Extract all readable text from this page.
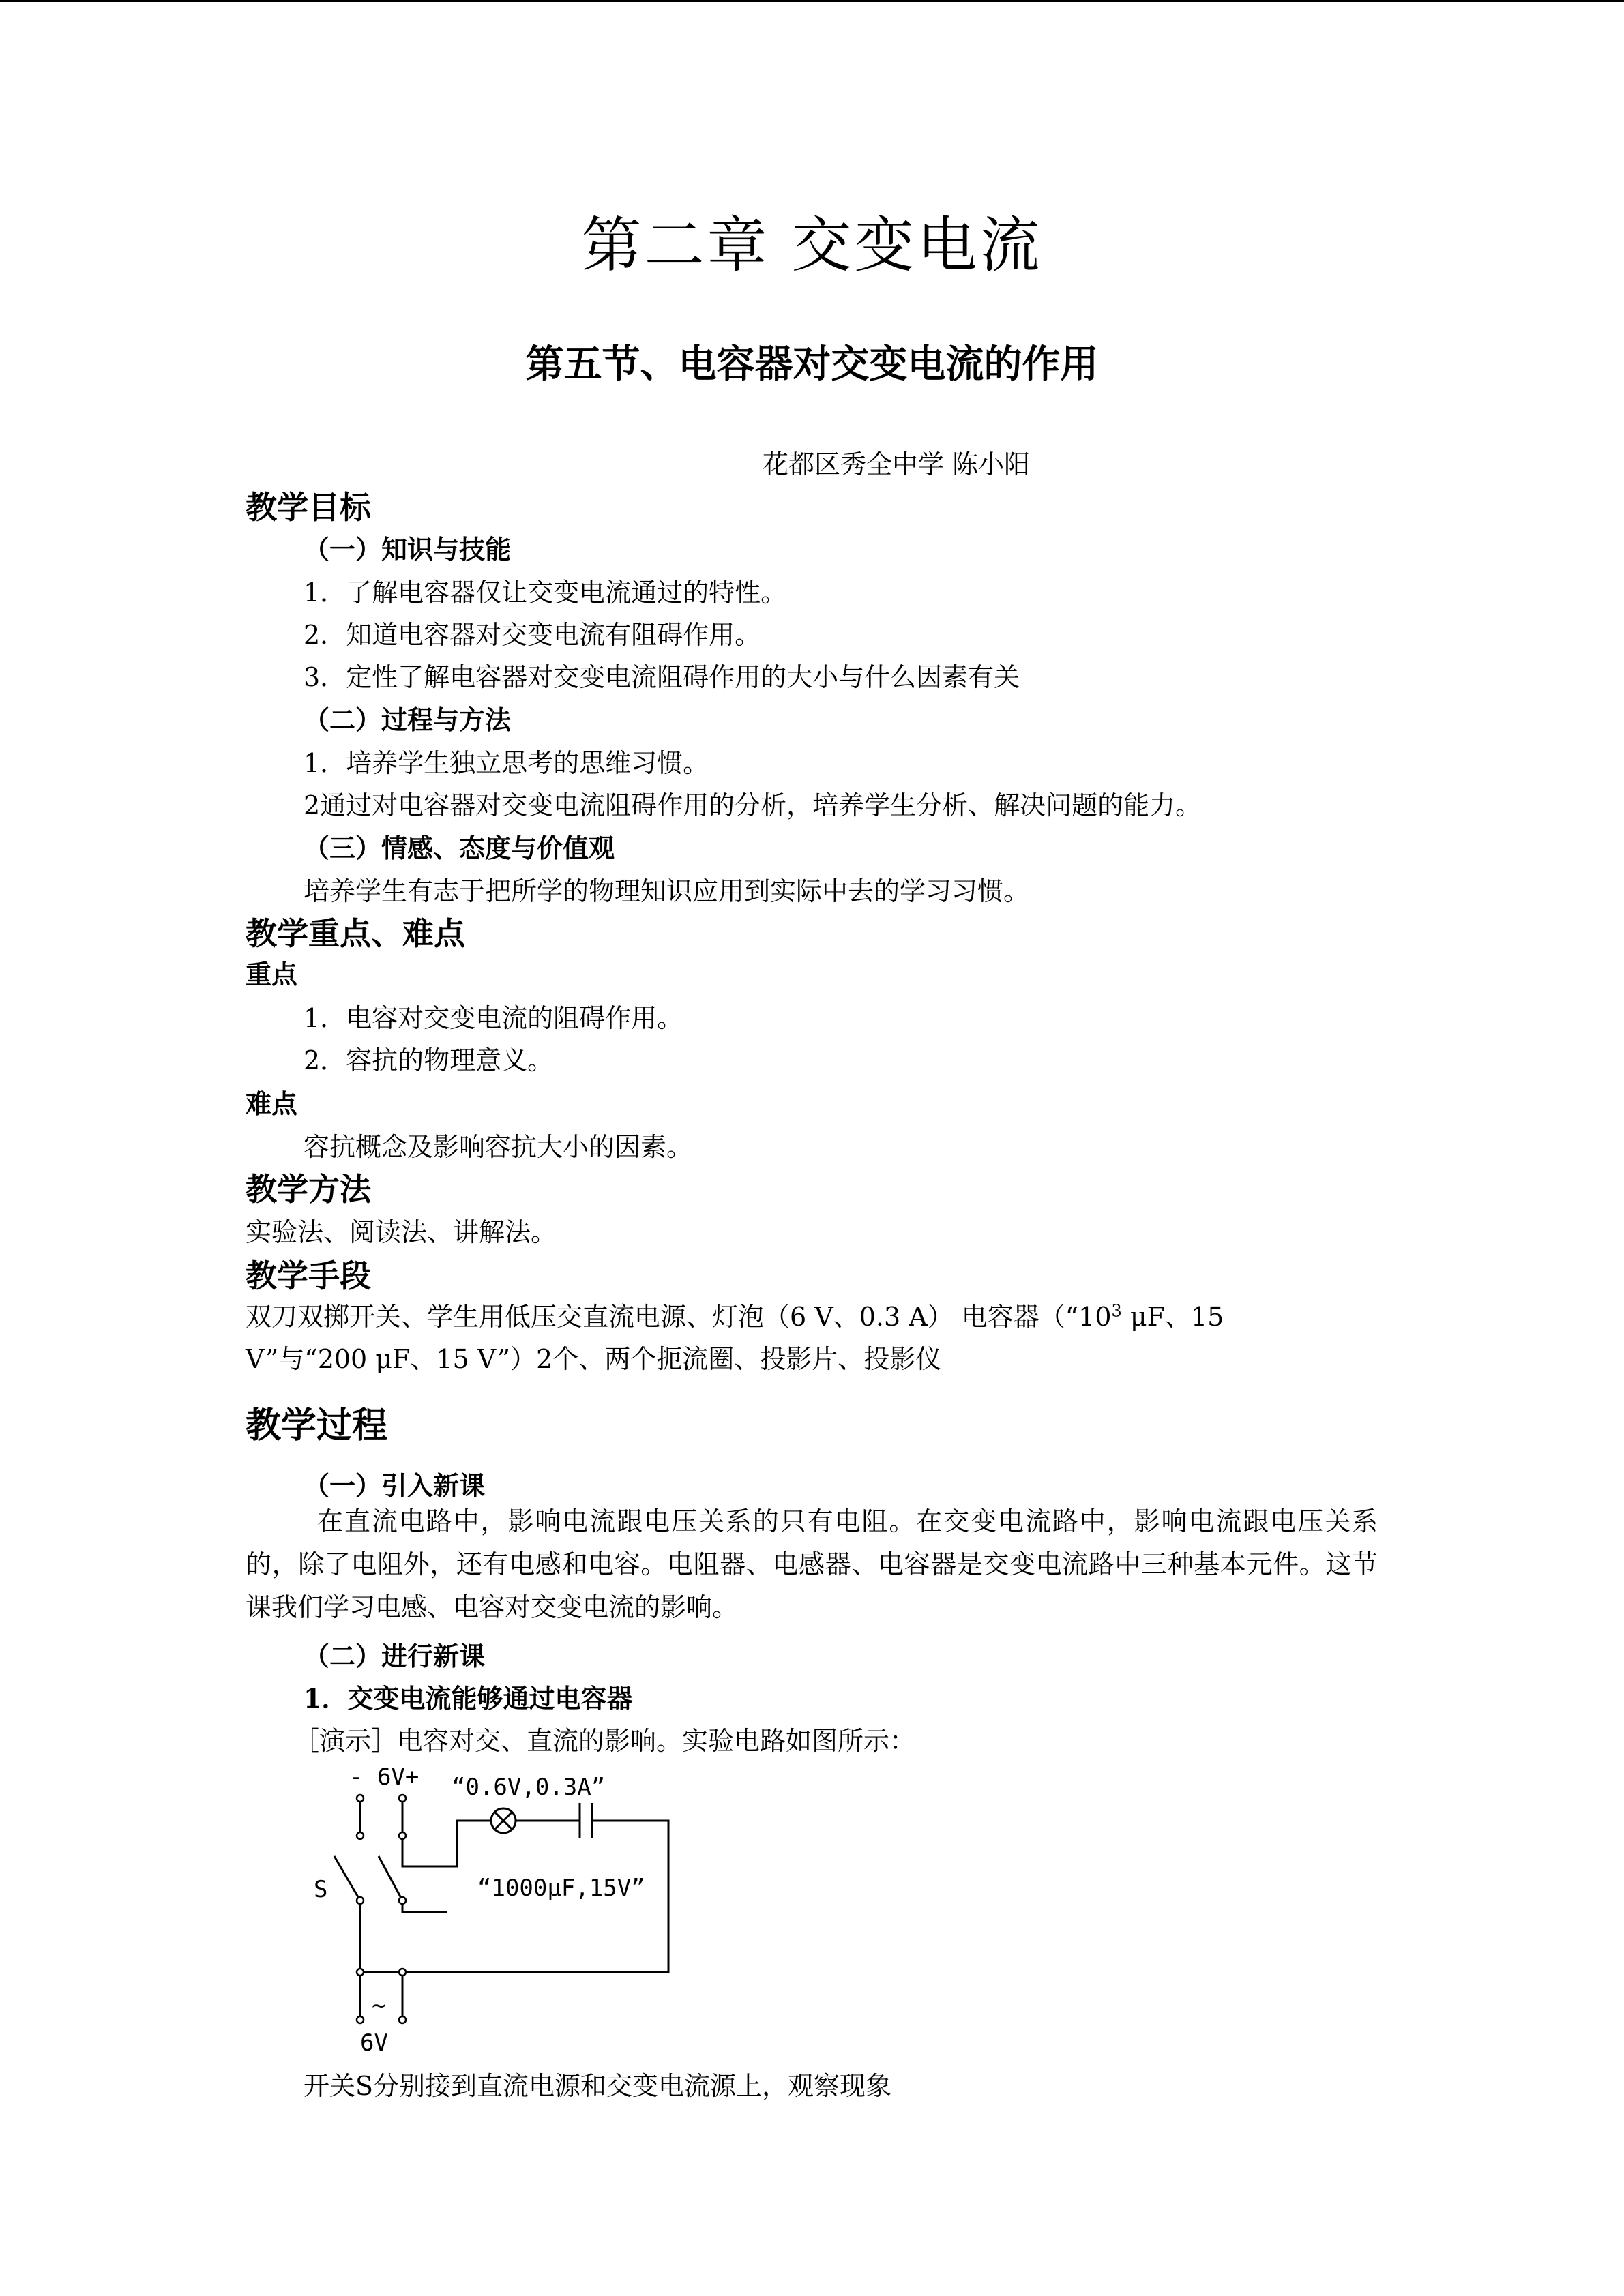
第二章 交变电流
第五节、电容器对交变电流的作用
花都区秀全中学 陈小阳
教学目标
（一）知识与技能
1．了解电容器仅让交变电流通过的特性。
2．知道电容器对交变电流有阻碍作用。
3．定性了解电容器对交变电流阻碍作用的大小与什么因素有关
（二）过程与方法
1．培养学生独立思考的思维习惯。
2通过对电容器对交变电流阻碍作用的分析，培养学生分析、解决问题的能力。
（三）情感、态度与价值观
培养学生有志于把所学的物理知识应用到实际中去的学习习惯。
教学重点、难点
重点
1．电容对交变电流的阻碍作用。
2．容抗的物理意义。
难点
容抗概念及影响容抗大小的因素。
教学方法
实验法、阅读法、讲解法。
教学手段
双刀双掷开关、学生用低压交直流电源、灯泡（6 V、0.3 A） 电容器（“$10^3$ μF、15
V”与“200 μF、15 V”）2个、两个扼流圈、投影片、投影仪
教学过程
（一）引入新课
在直流电路中，影响电流跟电压关系的只有电阻。在交变电流路中，影响电流跟电压关系的，除了电阻外，还有电感和电容。电阻器、电感器、电容器是交变电流路中三种基本元件。这节课我们学习电感、电容对交变电流的影响。
（二）进行新课
1．交变电流能够通过电容器
［演示］电容对交、直流的影响。实验电路如图所示：
- 6V+ “0.6V,0.3A”
“1000μF,15V”
S
~
6V
开关S分别接到直流电源和交变电流源上，观察现象
